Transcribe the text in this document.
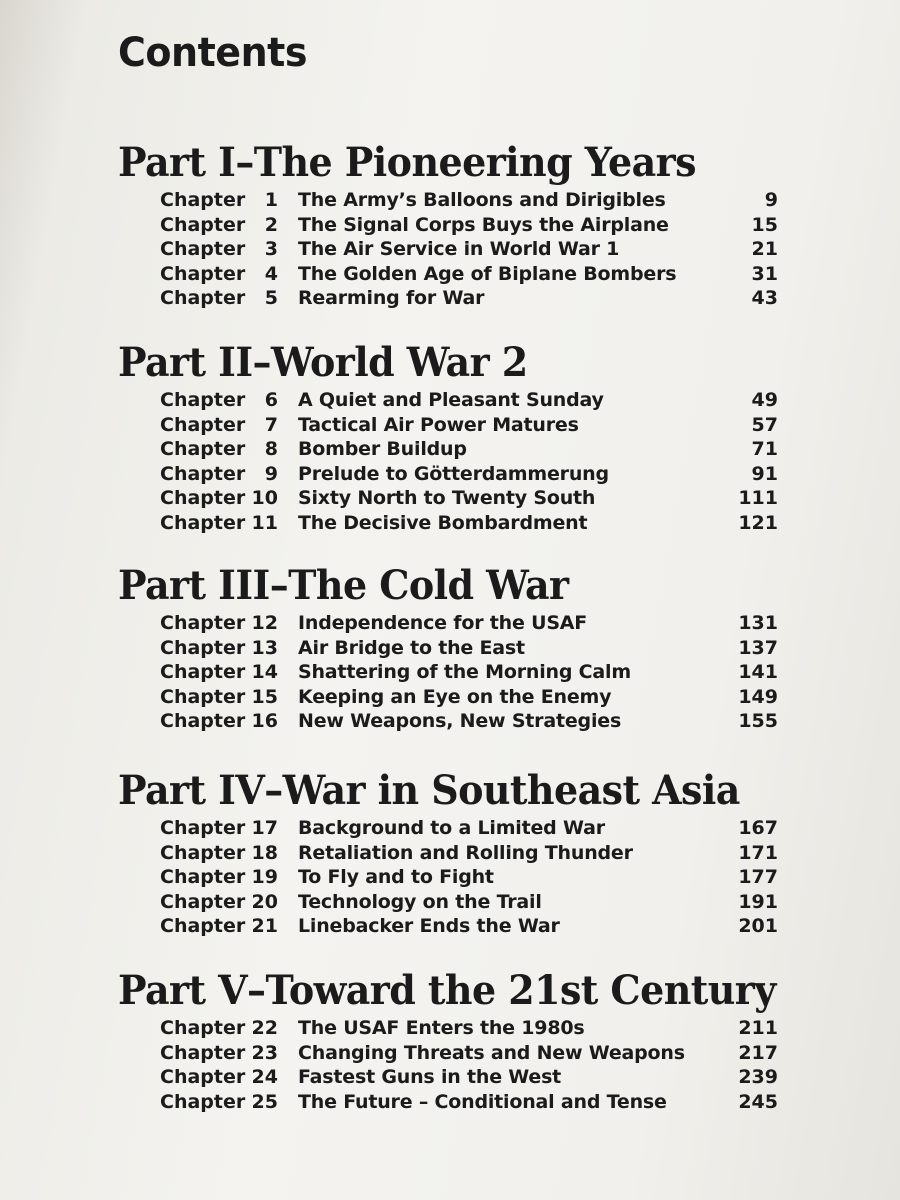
Contents
Part I–The Pioneering Years
Chapter	1 The Army’s Balloons and Dirigibles	9
Chapter	2 The Signal Corps Buys the Airplane	15
Chapter	3 The Air Service in World War 1	21
Chapter	4 The Golden Age of Biplane Bombers	31
Chapter	5 Rearming for War	43
Part II–World War 2
Chapter	6 A Quiet and Pleasant Sunday	49
Chapter	7 Tactical Air Power Matures	57
Chapter	8 Bomber Buildup	71
Chapter	9 Prelude to Götterdammerung	91
Chapter 10 Sixty North to Twenty South	111
Chapter 11 The Decisive Bombardment	121
Part III–The Cold War
Chapter 12 Independence for the USAF	131
Chapter 13 Air Bridge to the East	137
Chapter 14 Shattering of the Morning Calm	141
Chapter 15 Keeping an Eye on the Enemy	149
Chapter 16 New Weapons, New Strategies	155
Part IV–War in Southeast Asia
Chapter 17 Background to a Limited War	167
Chapter 18 Retaliation and Rolling Thunder	171
Chapter 19 To Fly and to Fight	177
Chapter 20 Technology on the Trail	191
Chapter 21 Linebacker Ends the War	201
Part V–Toward the 21st Century
Chapter 22 The USAF Enters the 1980s	211
Chapter 23 Changing Threats and New Weapons	217
Chapter 24 Fastest Guns in the West	239
Chapter 25 The Future – Conditional and Tense	245
